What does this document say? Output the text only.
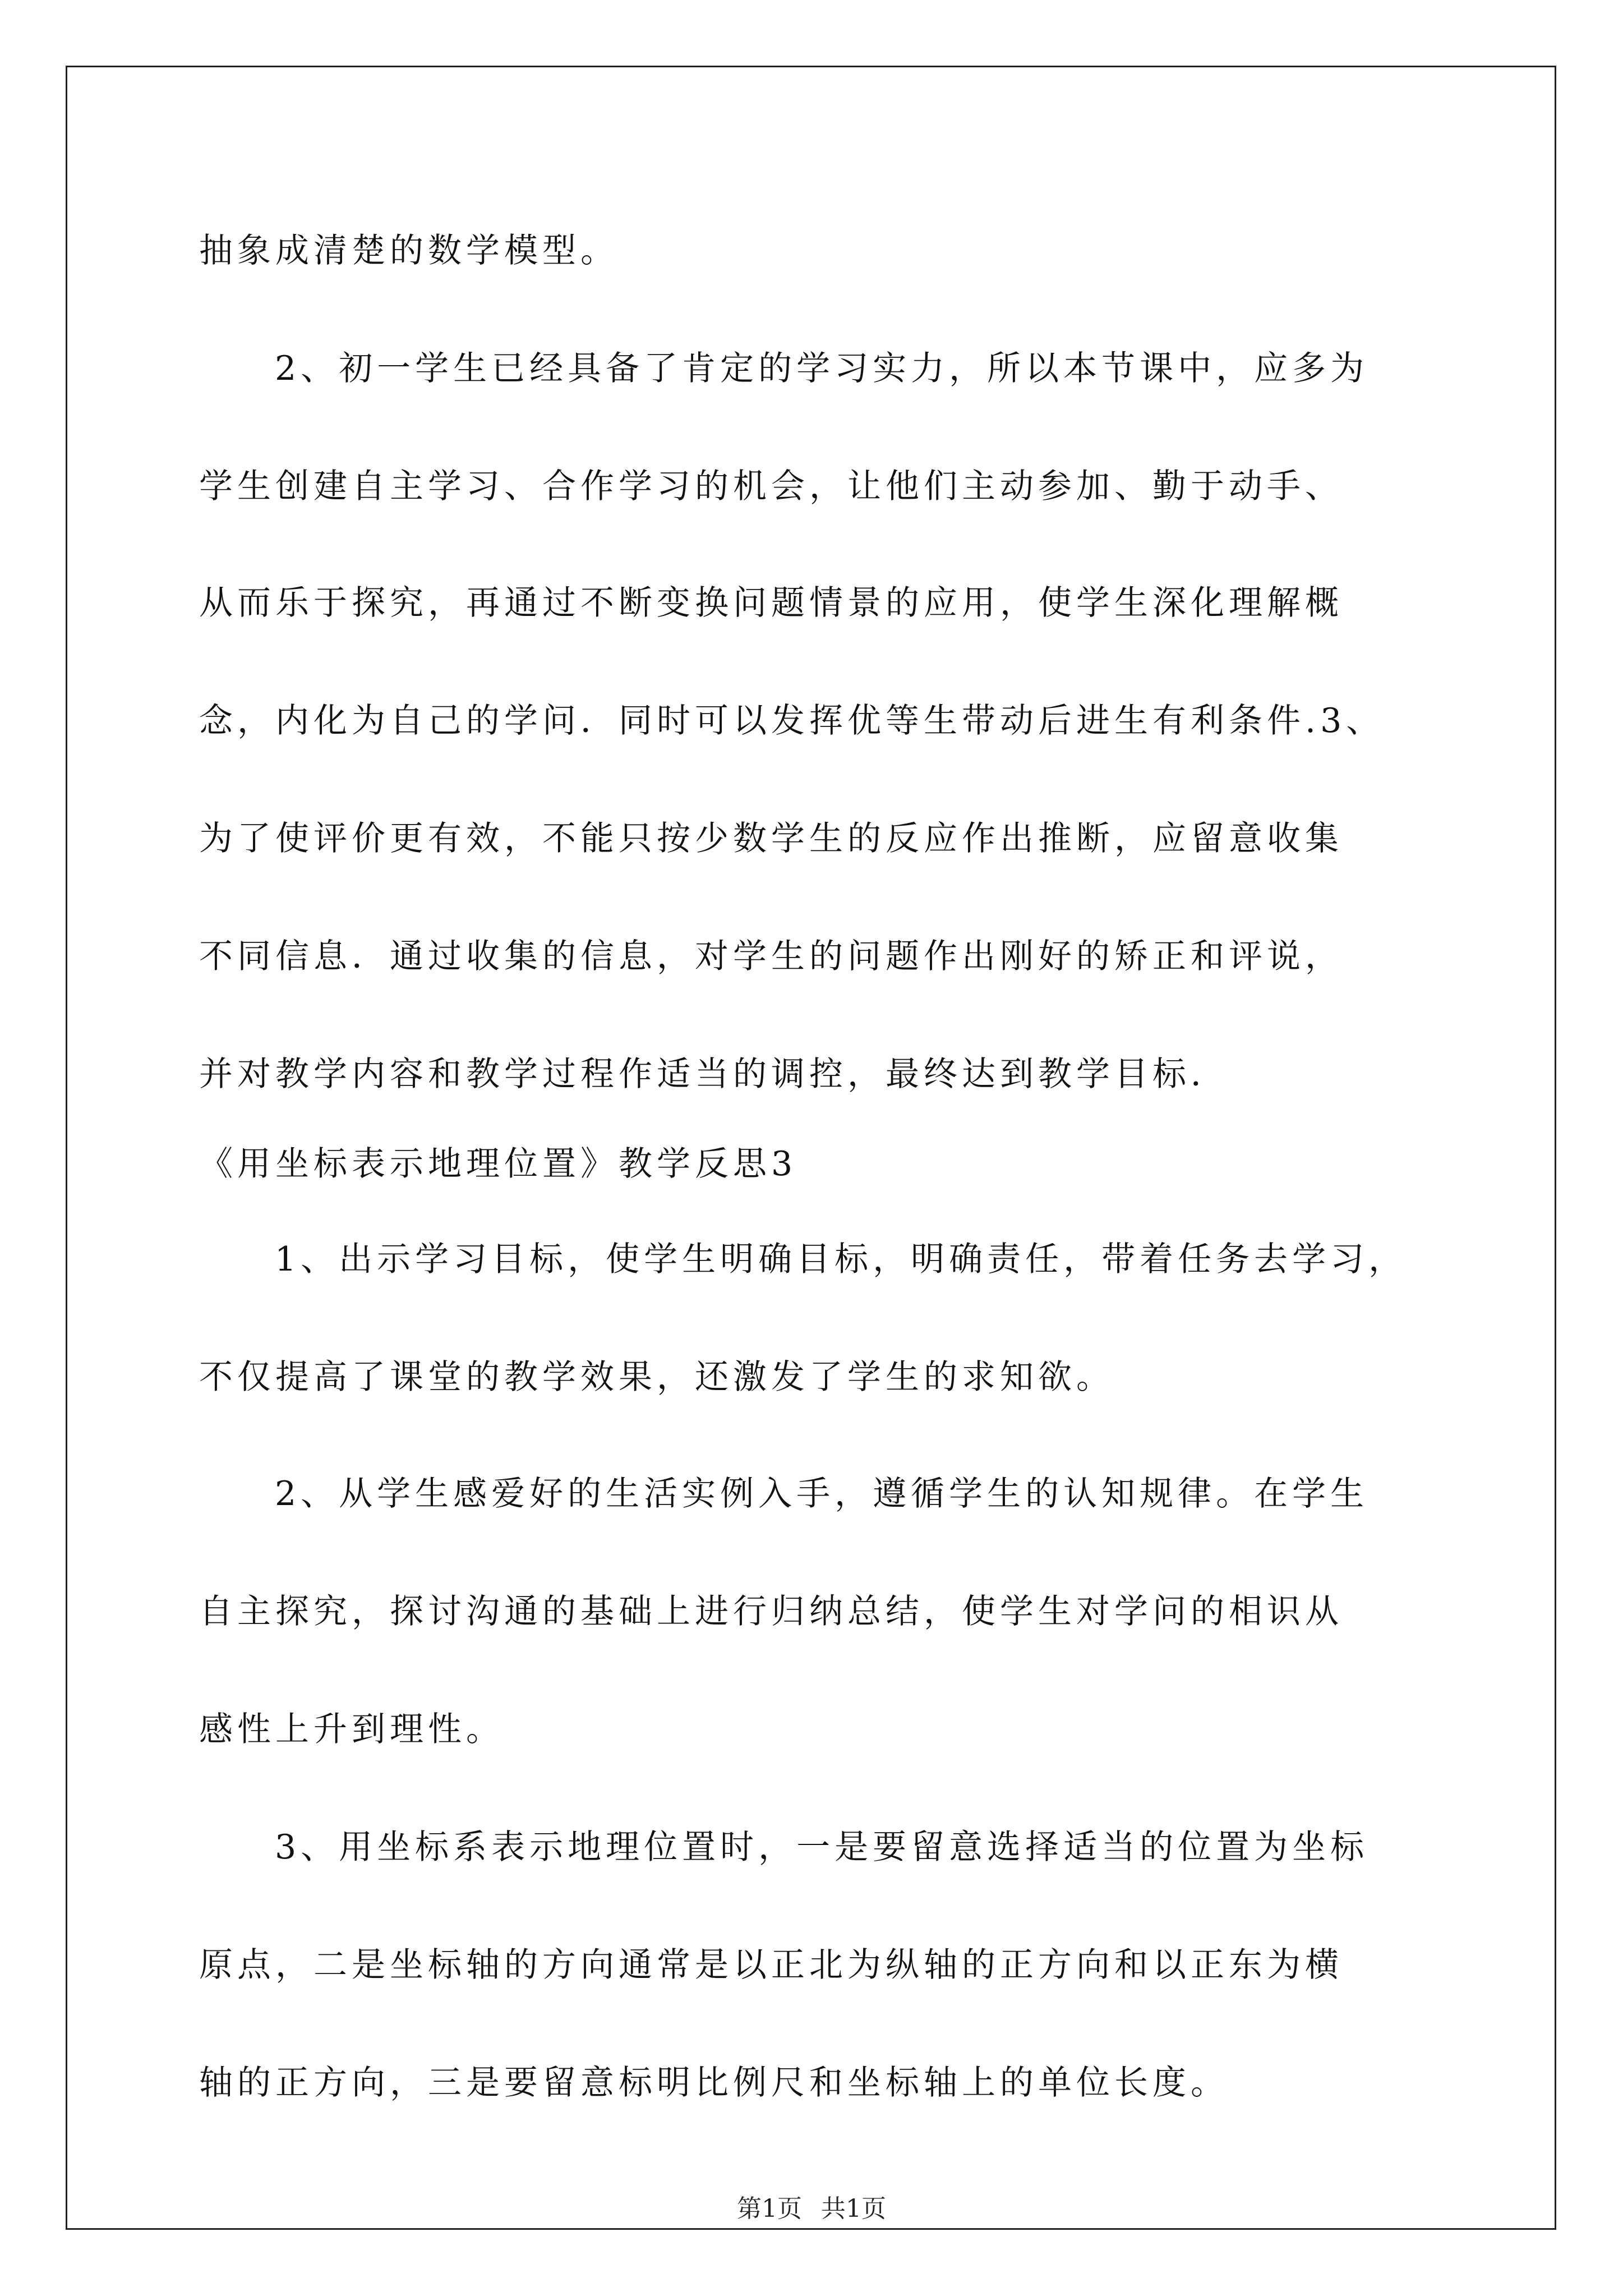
抽象成清楚的数学模型。
2、初一学生已经具备了肯定的学习实力，所以本节课中，应多为
学生创建自主学习、合作学习的机会，让他们主动参加、勤于动手、
从而乐于探究，再通过不断变换问题情景的应用，使学生深化理解概
念，内化为自己的学问．同时可以发挥优等生带动后进生有利条件.3、
为了使评价更有效，不能只按少数学生的反应作出推断，应留意收集
不同信息．通过收集的信息，对学生的问题作出刚好的矫正和评说，
并对教学内容和教学过程作适当的调控，最终达到教学目标．
《用坐标表示地理位置》教学反思3
1、出示学习目标，使学生明确目标，明确责任，带着任务去学习，
不仅提高了课堂的教学效果，还激发了学生的求知欲。
2、从学生感爱好的生活实例入手，遵循学生的认知规律。在学生
自主探究，探讨沟通的基础上进行归纳总结，使学生对学问的相识从
感性上升到理性。
3、用坐标系表示地理位置时，一是要留意选择适当的位置为坐标
原点，二是坐标轴的方向通常是以正北为纵轴的正方向和以正东为横
轴的正方向，三是要留意标明比例尺和坐标轴上的单位长度。
第1页 共1页
